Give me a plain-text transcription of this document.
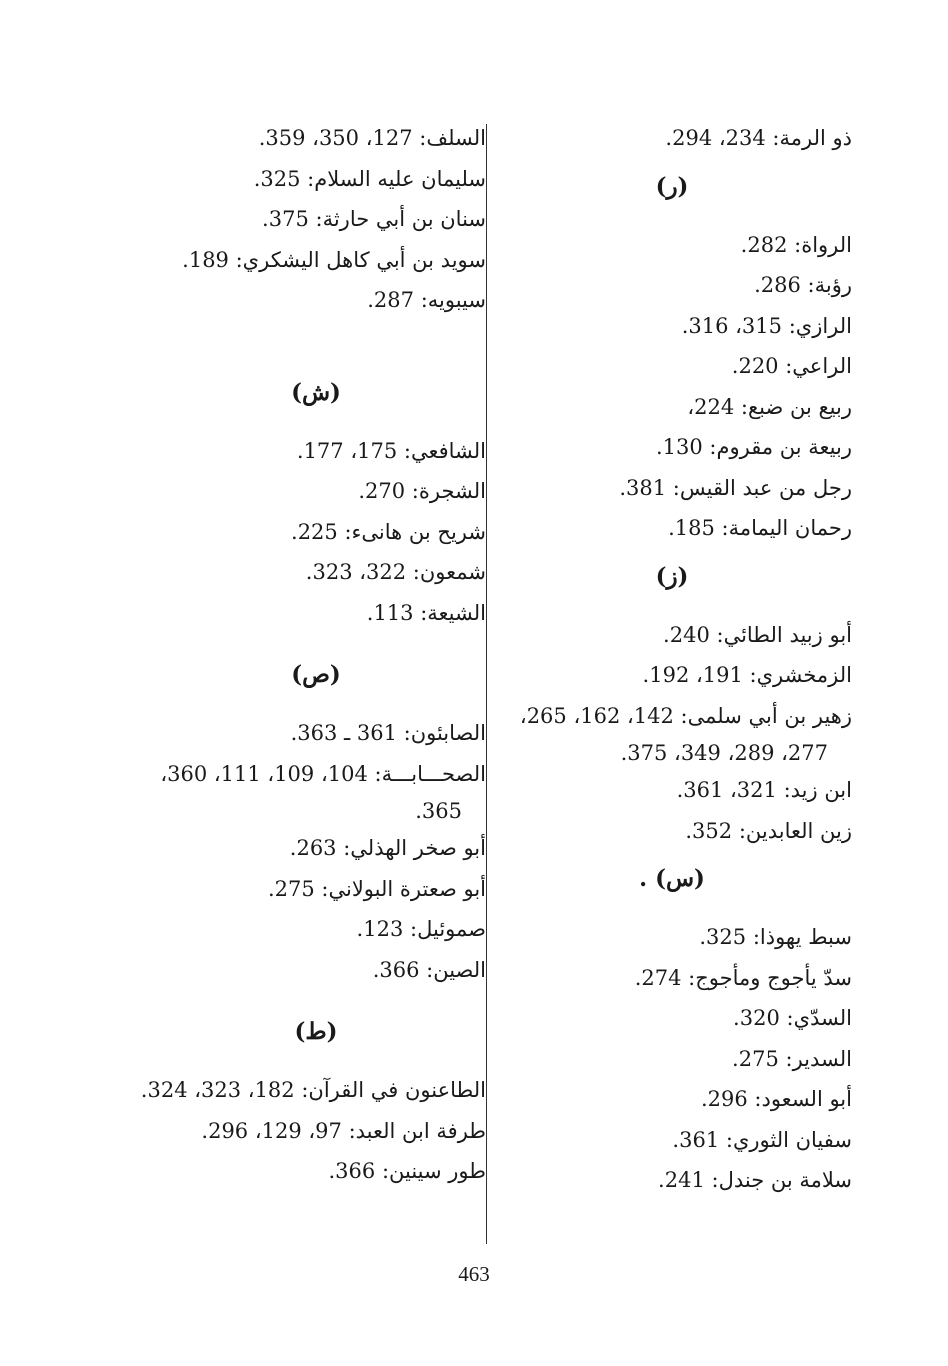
ذو الرمة: 234، 294.
(ر)
الرواة: 282.
رؤبة: 286.
الرازي: 315، 316.
الراعي: 220.
ربيع بن ضبع: 224،
ربيعة بن مقروم: 130.
رجل من عبد القيس: 381.
رحمان اليمامة: 185.
(ز)
أبو زبيد الطائي: 240.
الزمخشري: 191، 192.
زهير بن أبي سلمى: 142، 162، 265،
277، 289، 349، 375.
ابن زيد: 321، 361.
زين العابدين: 352.
(س) .
سبط يهوذا: 325.
سدّ يأجوج ومأجوج: 274.
السدّي: 320.
السدير: 275.
أبو السعود: 296.
سفيان الثوري: 361.
سلامة بن جندل: 241.
السلف: 127، 350، 359.
سليمان عليه السلام: 325.
سنان بن أبي حارثة: 375.
سويد بن أبي كاهل اليشكري: 189.
سيبويه: 287.
(ش)
الشافعي: 175، 177.
الشجرة: 270.
شريح بن هانىء: 225.
شمعون: 322، 323.
الشيعة: 113.
(ص)
الصابئون: 361 ـ 363.
الصحـــابـــة: 104، 109، 111، 360،
365.
أبو صخر الهذلي: 263.
أبو صعترة البولاني: 275.
صموئيل: 123.
الصين: 366.
(ط)
الطاعنون في القرآن: 182، 323، 324.
طرفة ابن العبد: 97، 129، 296.
طور سينين: 366.
463
